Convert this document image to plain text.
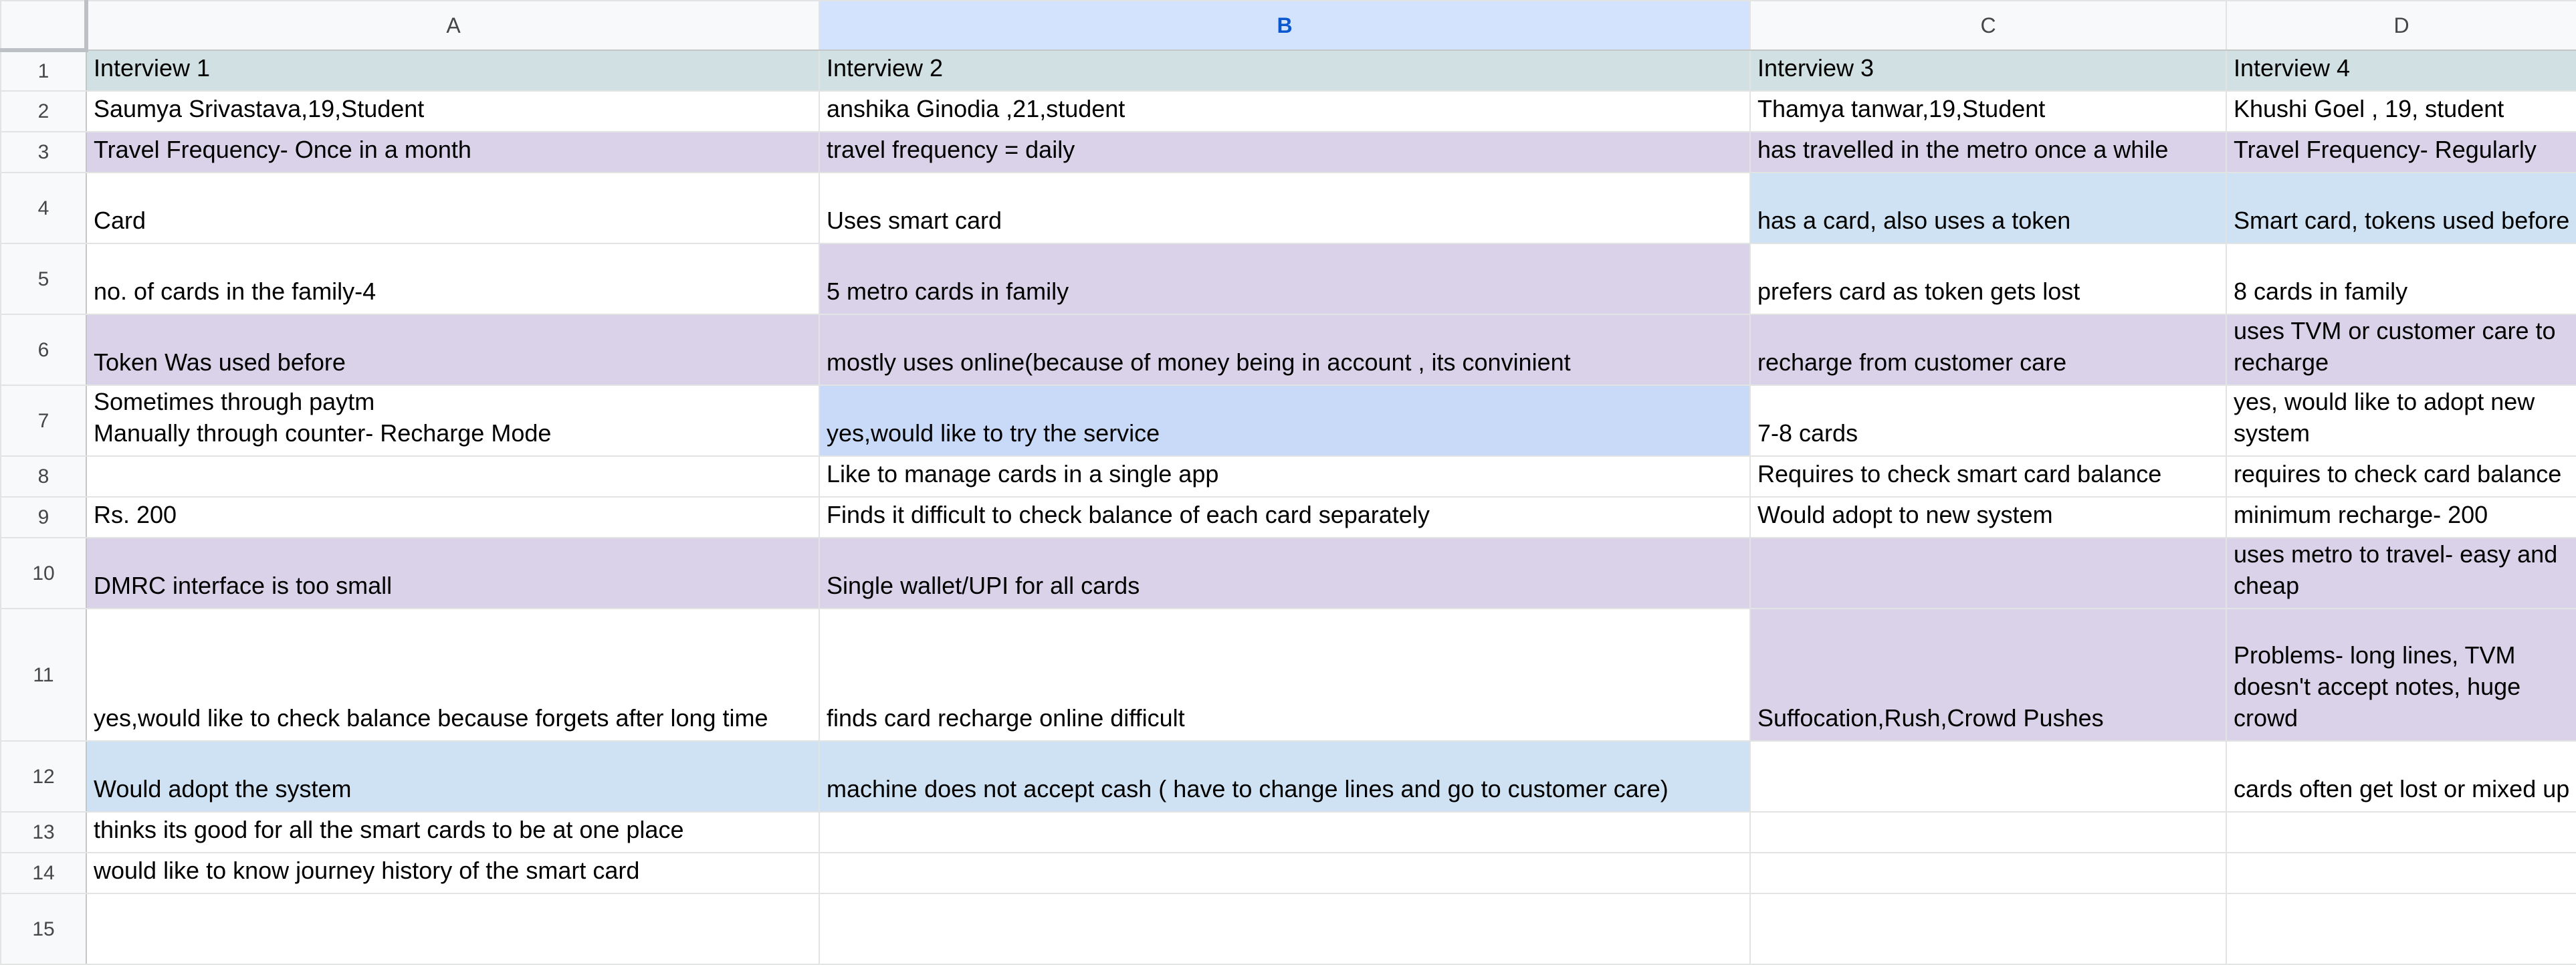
	A	B	C	D
1	Interview 1	Interview 2	Interview 3	Interview 4
2	Saumya Srivastava,19,Student	anshika Ginodia ,21,student	Thamya tanwar,19,Student	Khushi Goel , 19, student
3	Travel Frequency- Once in a month	travel frequency = daily	has travelled in the metro once a while	Travel Frequency- Regularly
4	Card	Uses smart card	has a card, also uses a token	Smart card, tokens used before
5	no. of cards in the family-4	5 metro cards in family	prefers card as token gets lost	8 cards in family
6	Token Was used before	mostly uses online(because of money being in account , its convinient	recharge from customer care	uses TVM or customer care to recharge
7	Sometimes through paytm
Manually through counter- Recharge Mode	yes,would like to try the service	7-8 cards	yes, would like to adopt new system
8		Like to manage cards in a single app	Requires to check smart card balance	requires to check card balance
9	Rs. 200	Finds it difficult to check balance of each card separately	Would adopt to new system	minimum recharge- 200
10	DMRC interface is too small	Single wallet/UPI for all cards		uses metro to travel- easy and cheap
11	yes,would like to check balance because forgets after long time	finds card recharge online difficult	Suffocation,Rush,Crowd Pushes	Problems- long lines, TVM doesn't accept notes, huge crowd
12	Would adopt the system	machine does not accept cash ( have to change lines and go to customer care)		cards often get lost or mixed up
13	thinks its good for all the smart cards to be at one place			
14	would like to know journey history of the smart card			
15				
